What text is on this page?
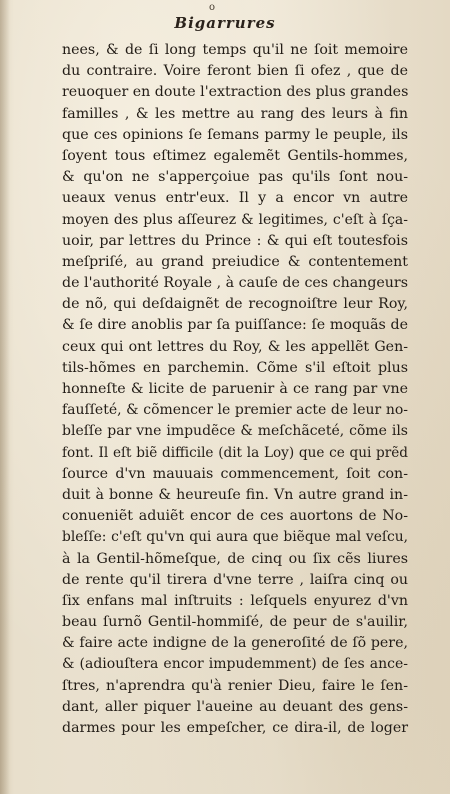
o
Bigarrures
nees, & de ſi long temps qu'il ne ſoit memoire
du contraire. Voire feront bien ſi ofez , que de
reuoquer en doute l'extraction des plus grandes
familles , & les mettre au rang des leurs à fin
que ces opinions ſe ſemans parmy le peuple, ils
ſoyent tous eſtimez egalemẽt Gentils-hommes,
& qu'on ne s'apperçoiue pas qu'ils ſont nou-
ueaux venus entr'eux. Il y a encor vn autre
moyen des plus aſſeurez & legitimes, c'eſt à ſça-
uoir, par lettres du Prince : & qui eſt toutesfois
meſpriſé, au grand preiudice & contentement
de l'authorité Royale , à cauſe de ces changeurs
de nõ, qui deſdaignẽt de recognoiſtre leur Roy,
& ſe dire anoblis par ſa puiſſance: ſe moquãs de
ceux qui ont lettres du Roy, & les appellẽt Gen-
tils-hõmes en parchemin. Cõme s'il eſtoit plus
honneſte & licite de paruenir à ce rang par vne
fauſſeté, & cõmencer le premier acte de leur no-
bleſſe par vne impudẽce & meſchãceté, cõme ils
font. Il eſt biẽ difficile (dit la Loy) que ce qui prẽd
ſource d'vn mauuais commencement, ſoit con-
duit à bonne & heureuſe fin. Vn autre grand in-
conueniẽt aduiẽt encor de ces auortons de No-
bleſſe: c'eſt qu'vn qui aura que biẽque mal veſcu,
à la Gentil-hõmeſque, de cinq ou ſix cẽs liures
de rente qu'il tirera d'vne terre , laiſra cinq ou
ſix enfans mal inſtruits : leſquels enyurez d'vn
beau ſurnõ Gentil-hommiſé, de peur de s'auilir,
& faire acte indigne de la generoſité de ſõ pere,
& (adiouſtera encor impudemment) de ſes ance-
ſtres, n'aprendra qu'à renier Dieu, faire le ſen-
dant, aller piquer l'aueine au deuant des gens-
darmes pour les empeſcher, ce dira-il, de loger
